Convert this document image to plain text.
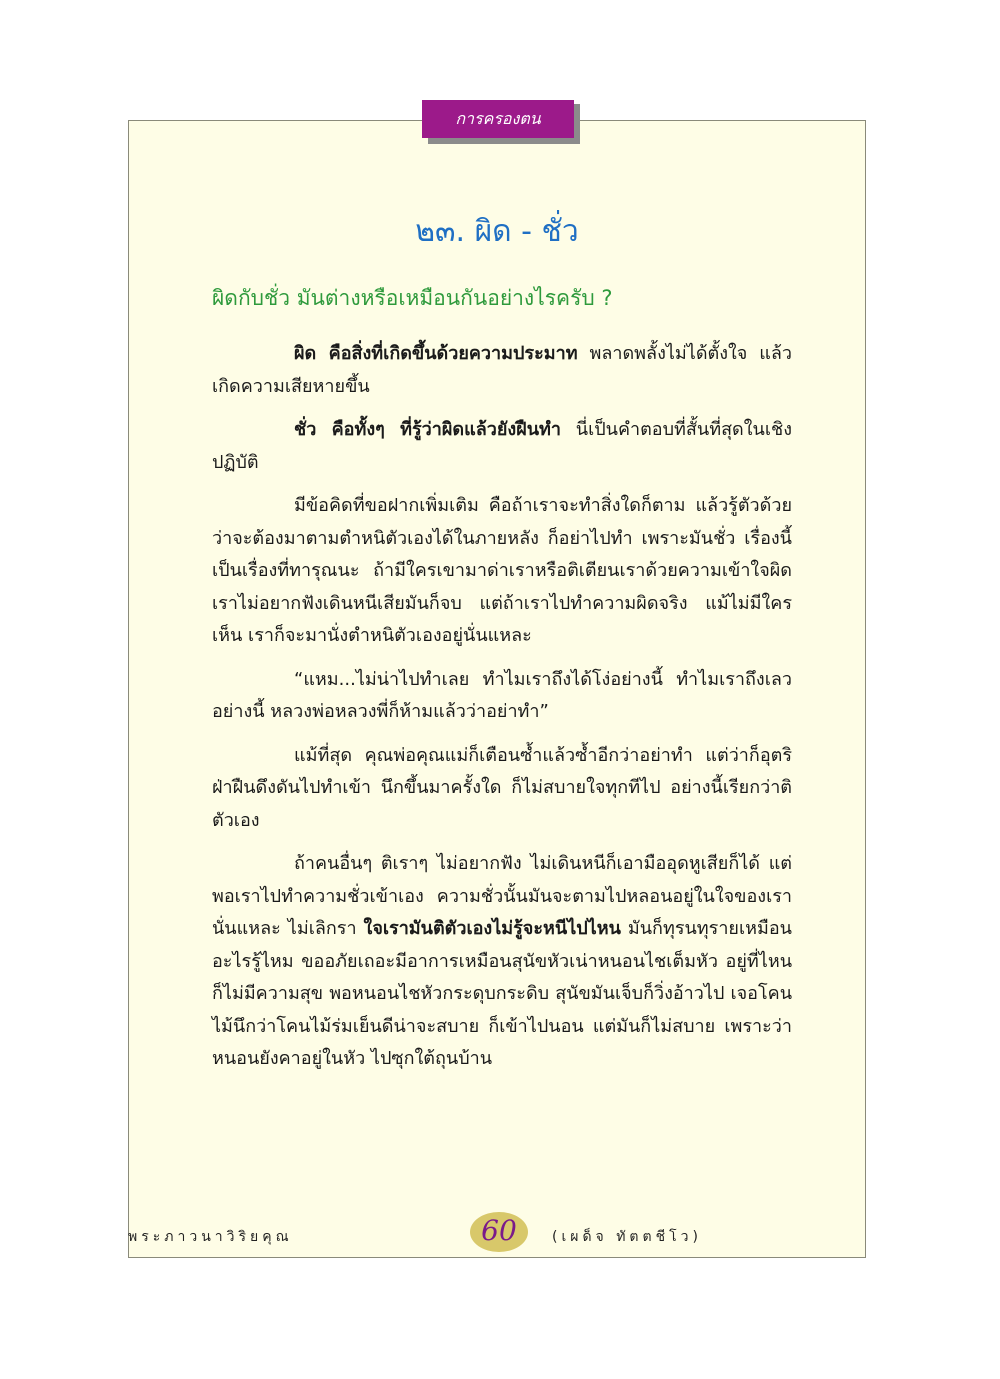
การครองตน
๒๓. ผิด - ชั่ว
ผิดกับชั่ว มันต่างหรือเหมือนกันอย่างไรครับ ?

ผิด คือสิ่งที่เกิดขึ้นด้วยความประมาท พลาดพลั้งไม่ได้ตั้งใจ แล้วเกิดความเสียหายขึ้น

ชั่ว คือทั้งๆ ที่รู้ว่าผิดแล้วยังฝืนทำ นี่เป็นคำตอบที่สั้นที่สุดในเชิงปฏิบัติ

มีข้อคิดที่ขอฝากเพิ่มเติม คือถ้าเราจะทำสิ่งใดก็ตาม แล้วรู้ตัวด้วยว่าจะต้องมาตามตำหนิตัวเองได้ในภายหลัง ก็อย่าไปทำ เพราะมันชั่ว เรื่องนี้เป็นเรื่องที่ทารุณนะ ถ้ามีใครเขามาด่าเราหรือติเตียนเราด้วยความเข้าใจผิด เราไม่อยากฟังเดินหนีเสียมันก็จบ แต่ถ้าเราไปทำความผิดจริง แม้ไม่มีใครเห็น เราก็จะมานั่งตำหนิตัวเองอยู่นั่นแหละ

“แหม...ไม่น่าไปทำเลย ทำไมเราถึงได้โง่อย่างนี้ ทำไมเราถึงเลวอย่างนี้ หลวงพ่อหลวงพี่ก็ห้ามแล้วว่าอย่าทำ”

แม้ที่สุด คุณพ่อคุณแม่ก็เตือนซ้ำแล้วซ้ำอีกว่าอย่าทำ แต่ว่าก็อุตริฝ่าฝืนดึงดันไปทำเข้า นึกขึ้นมาครั้งใด ก็ไม่สบายใจทุกทีไป อย่างนี้เรียกว่าติตัวเอง

ถ้าคนอื่นๆ ติเราๆ ไม่อยากฟัง ไม่เดินหนีก็เอามืออุดหูเสียก็ได้ แต่พอเราไปทำความชั่วเข้าเอง ความชั่วนั้นมันจะตามไปหลอนอยู่ในใจของเรานั่นแหละ ไม่เลิกรา ใจเรามันติตัวเองไม่รู้จะหนีไปไหน มันก็ทุรนทุรายเหมือนอะไรรู้ไหม ขออภัยเถอะมีอาการเหมือนสุนัขหัวเน่าหนอนไชเต็มหัว อยู่ที่ไหนก็ไม่มีความสุข พอหนอนไชหัวกระดุบกระดิบ สุนัขมันเจ็บก็วิ่งอ้าวไป เจอโคนไม้นึกว่าโคนไม้ร่มเย็นดีน่าจะสบาย ก็เข้าไปนอน แต่มันก็ไม่สบาย เพราะว่าหนอนยังคาอยู่ในหัว ไปซุกใต้ถุนบ้าน

พระภาวนาวิริยคุณ	60	(เผด็จ ทัตตชีโว)
